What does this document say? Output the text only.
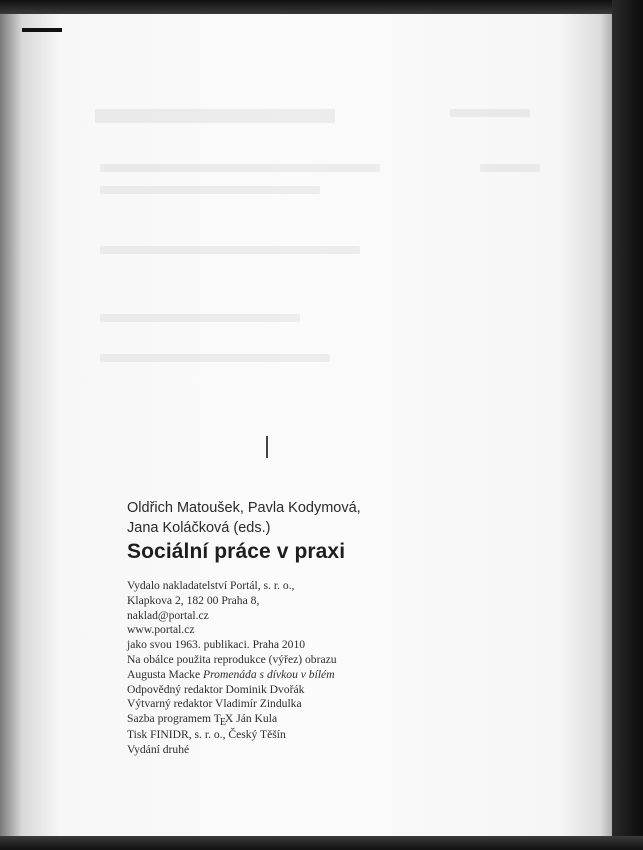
Oldřich Matoušek, Pavla Kodymová,
Jana Koláčková (eds.)
Sociální práce v praxi
Vydalo nakladatelství Portál, s. r. o.,
Klapkova 2, 182 00 Praha 8,
naklad@portal.cz
www.portal.cz
jako svou 1963. publikaci. Praha 2010
Na obálce použita reprodukce (výřez) obrazu
Augusta Macke Promenáda s dívkou v bílém
Odpovědný redaktor Dominik Dvořák
Výtvarný redaktor Vladimír Zindulka
Sazba programem TEX Ján Kula
Tisk FINIDR, s. r. o., Český Těšín
Vydání druhé
